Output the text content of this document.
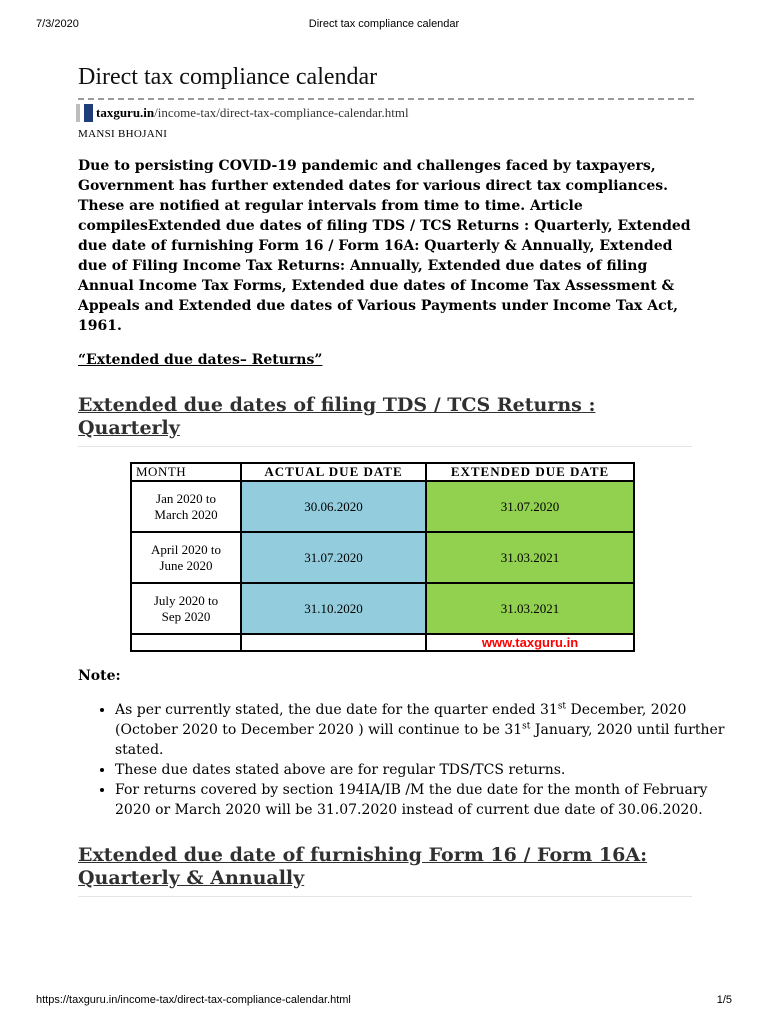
7/3/2020	Direct tax compliance calendar
Direct tax compliance calendar
taxguru.in/income-tax/direct-tax-compliance-calendar.html
MANSI BHOJANI
Due to persisting COVID-19 pandemic and challenges faced by taxpayers, Government has further extended dates for various direct tax compliances. These are notified at regular intervals from time to time. Article compilesExtended due dates of filing TDS / TCS Returns : Quarterly, Extended due date of furnishing Form 16 / Form 16A: Quarterly & Annually, Extended due of Filing Income Tax Returns: Annually, Extended due dates of filing Annual Income Tax Forms, Extended due dates of Income Tax Assessment & Appeals and Extended due dates of Various Payments under Income Tax Act, 1961.
“Extended due dates– Returns”
Extended due dates of filing TDS / TCS Returns :
Quarterly
MONTH	ACTUAL DUE DATE	EXTENDED DUE DATE
Jan 2020 to
March 2020	30.06.2020	31.07.2020
April 2020 to
June 2020	31.07.2020	31.03.2021
July 2020 to
Sep 2020	31.10.2020	31.03.2021
		www.taxguru.in
Note:
• As per currently stated, the due date for the quarter ended 31st December, 2020 (October 2020 to December 2020 ) will continue to be 31st January, 2020 until further stated.
• These due dates stated above are for regular TDS/TCS returns.
• For returns covered by section 194IA/IB /M the due date for the month of February 2020 or March 2020 will be 31.07.2020 instead of current due date of 30.06.2020.
Extended due date of furnishing Form 16 / Form 16A:
Quarterly & Annually
https://taxguru.in/income-tax/direct-tax-compliance-calendar.html	1/5
